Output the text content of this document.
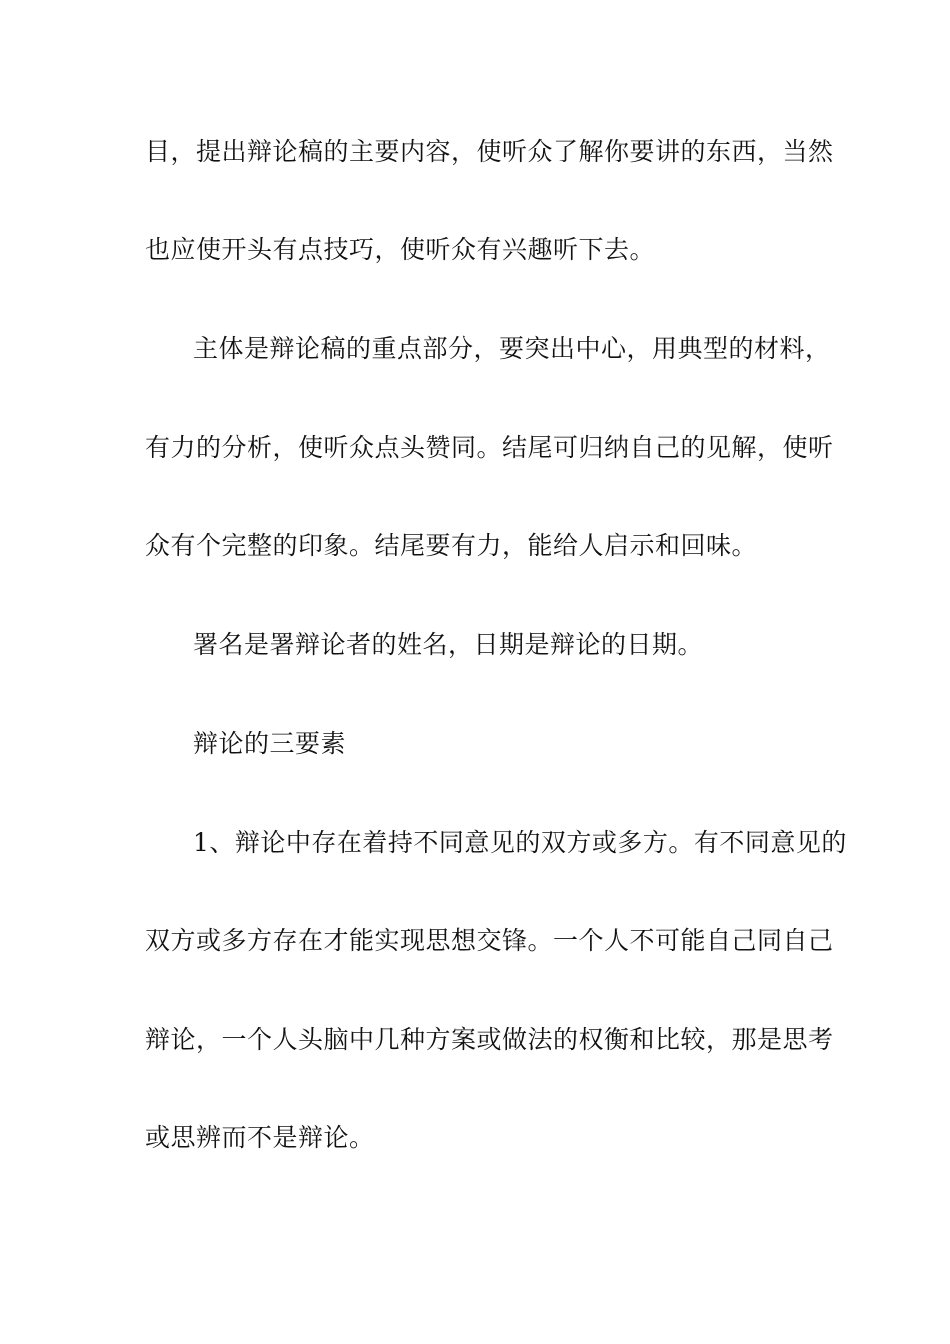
目，提出辩论稿的主要内容，使听众了解你要讲的东西，当然
也应使开头有点技巧，使听众有兴趣听下去。
主体是辩论稿的重点部分，要突出中心，用典型的材料，
有力的分析，使听众点头赞同。结尾可归纳自己的见解，使听
众有个完整的印象。结尾要有力，能给人启示和回味。
署名是署辩论者的姓名，日期是辩论的日期。
辩论的三要素
1、辩论中存在着持不同意见的双方或多方。有不同意见的
双方或多方存在才能实现思想交锋。一个人不可能自己同自己
辩论，一个人头脑中几种方案或做法的权衡和比较，那是思考
或思辨而不是辩论。
